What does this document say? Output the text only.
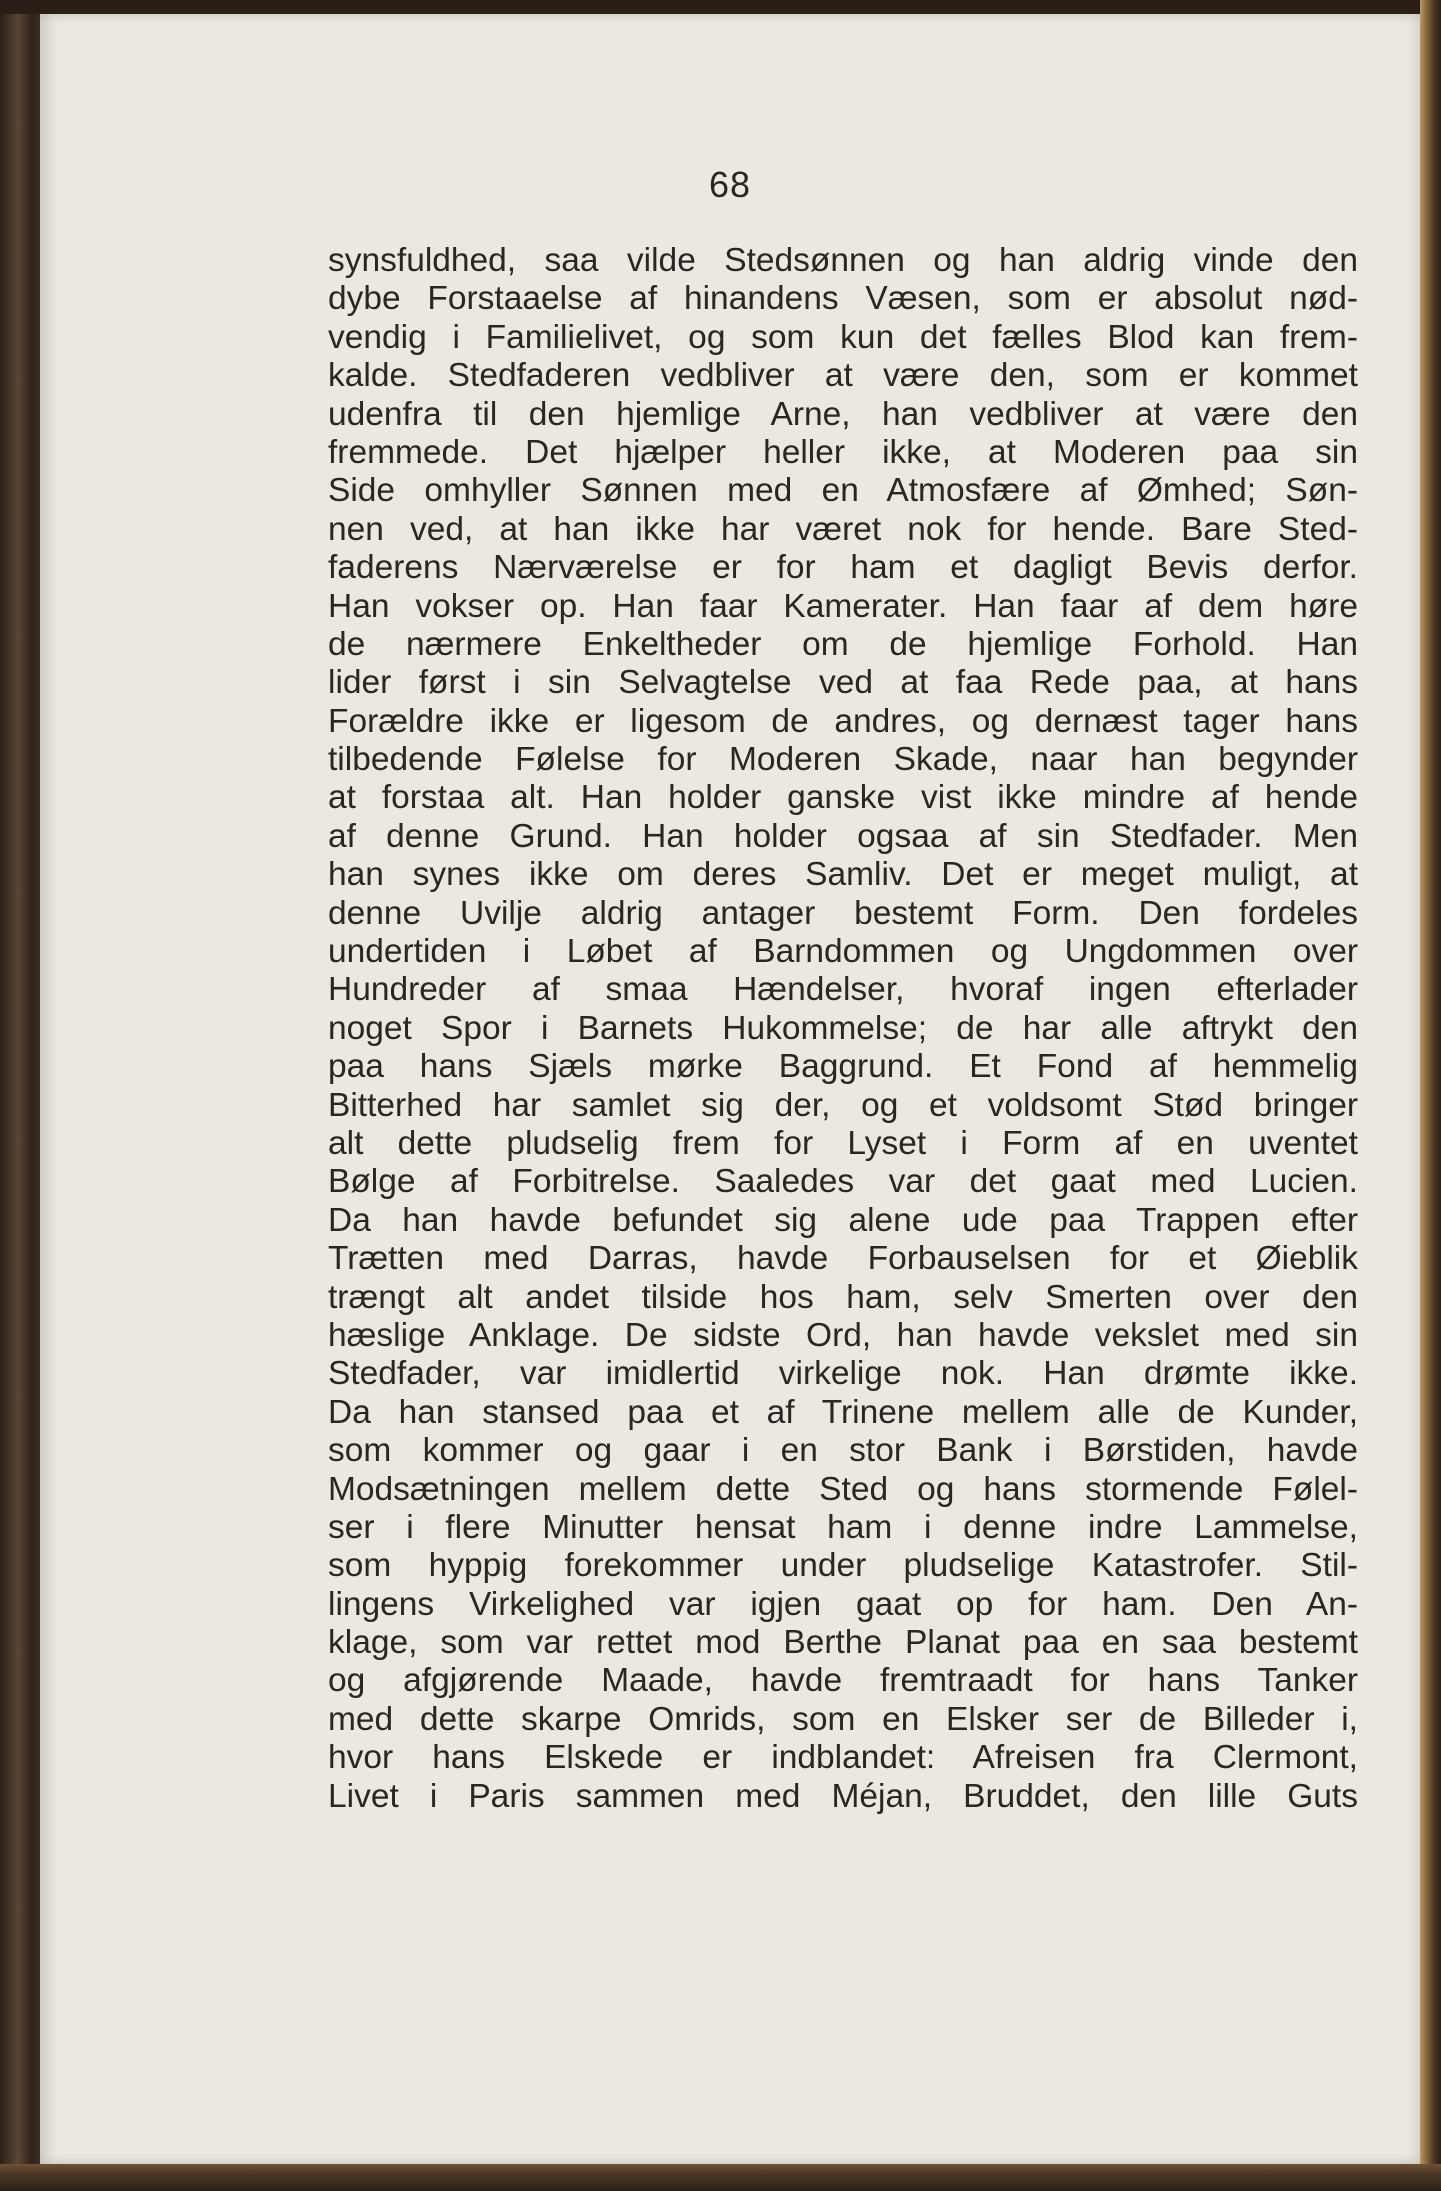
68
synsfuldhed, saa vilde Stedsønnen og han aldrig vinde den
dybe Forstaaelse af hinandens Væsen, som er absolut nød-
vendig i Familielivet, og som kun det fælles Blod kan frem-
kalde. Stedfaderen vedbliver at være den, som er kommet
udenfra til den hjemlige Arne, han vedbliver at være den
fremmede. Det hjælper heller ikke, at Moderen paa sin
Side omhyller Sønnen med en Atmosfære af Ømhed; Søn-
nen ved, at han ikke har været nok for hende. Bare Sted-
faderens Nærværelse er for ham et dagligt Bevis derfor.
Han vokser op. Han faar Kamerater. Han faar af dem høre
de nærmere Enkeltheder om de hjemlige Forhold. Han
lider først i sin Selvagtelse ved at faa Rede paa, at hans
Forældre ikke er ligesom de andres, og dernæst tager hans
tilbedende Følelse for Moderen Skade, naar han begynder
at forstaa alt. Han holder ganske vist ikke mindre af hende
af denne Grund. Han holder ogsaa af sin Stedfader. Men
han synes ikke om deres Samliv. Det er meget muligt, at
denne Uvilje aldrig antager bestemt Form. Den fordeles
undertiden i Løbet af Barndommen og Ungdommen over
Hundreder af smaa Hændelser, hvoraf ingen efterlader
noget Spor i Barnets Hukommelse; de har alle aftrykt den
paa hans Sjæls mørke Baggrund. Et Fond af hemmelig
Bitterhed har samlet sig der, og et voldsomt Stød bringer
alt dette pludselig frem for Lyset i Form af en uventet
Bølge af Forbitrelse. Saaledes var det gaat med Lucien.
Da han havde befundet sig alene ude paa Trappen efter
Trætten med Darras, havde Forbauselsen for et Øieblik
trængt alt andet tilside hos ham, selv Smerten over den
hæslige Anklage. De sidste Ord, han havde vekslet med sin
Stedfader, var imidlertid virkelige nok. Han drømte ikke.
Da han stansed paa et af Trinene mellem alle de Kunder,
som kommer og gaar i en stor Bank i Børstiden, havde
Modsætningen mellem dette Sted og hans stormende Følel-
ser i flere Minutter hensat ham i denne indre Lammelse,
som hyppig forekommer under pludselige Katastrofer. Stil-
lingens Virkelighed var igjen gaat op for ham. Den An-
klage, som var rettet mod Berthe Planat paa en saa bestemt
og afgjørende Maade, havde fremtraadt for hans Tanker
med dette skarpe Omrids, som en Elsker ser de Billeder i,
hvor hans Elskede er indblandet: Afreisen fra Clermont,
Livet i Paris sammen med Méjan, Bruddet, den lille Guts
